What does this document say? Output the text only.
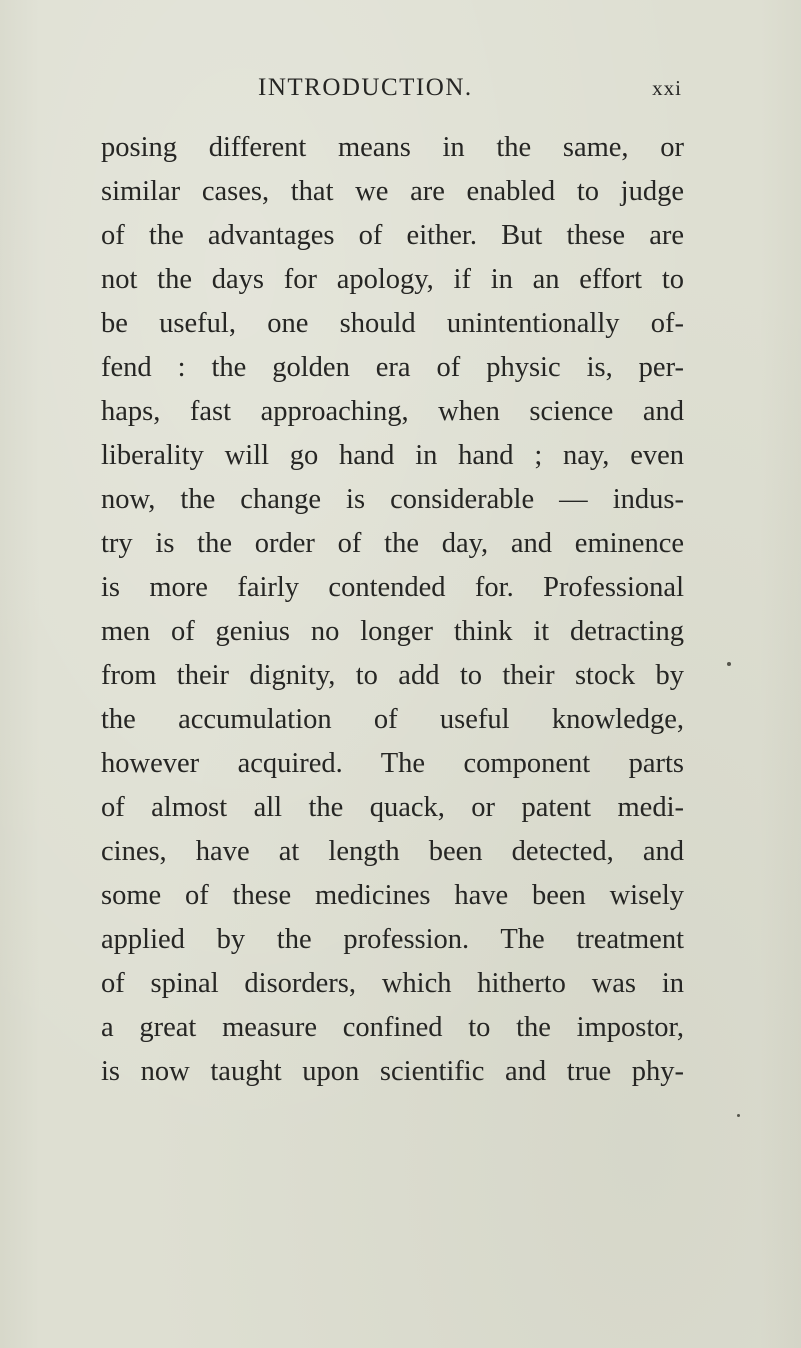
INTRODUCTION.	xxi
posing different means in the same, or
similar cases, that we are enabled to judge
of the advantages of either. But these are
not the days for apology, if in an effort to
be useful, one should unintentionally of-
fend : the golden era of physic is, per-
haps, fast approaching, when science and
liberality will go hand in hand ; nay, even
now, the change is considerable — indus-
try is the order of the day, and eminence
is more fairly contended for. Professional
men of genius no longer think it detracting
from their dignity, to add to their stock by
the accumulation of useful knowledge,
however acquired. The component parts
of almost all the quack, or patent medi-
cines, have at length been detected, and
some of these medicines have been wisely
applied by the profession. The treatment
of spinal disorders, which hitherto was in
a great measure confined to the impostor,
is now taught upon scientific and true phy-
